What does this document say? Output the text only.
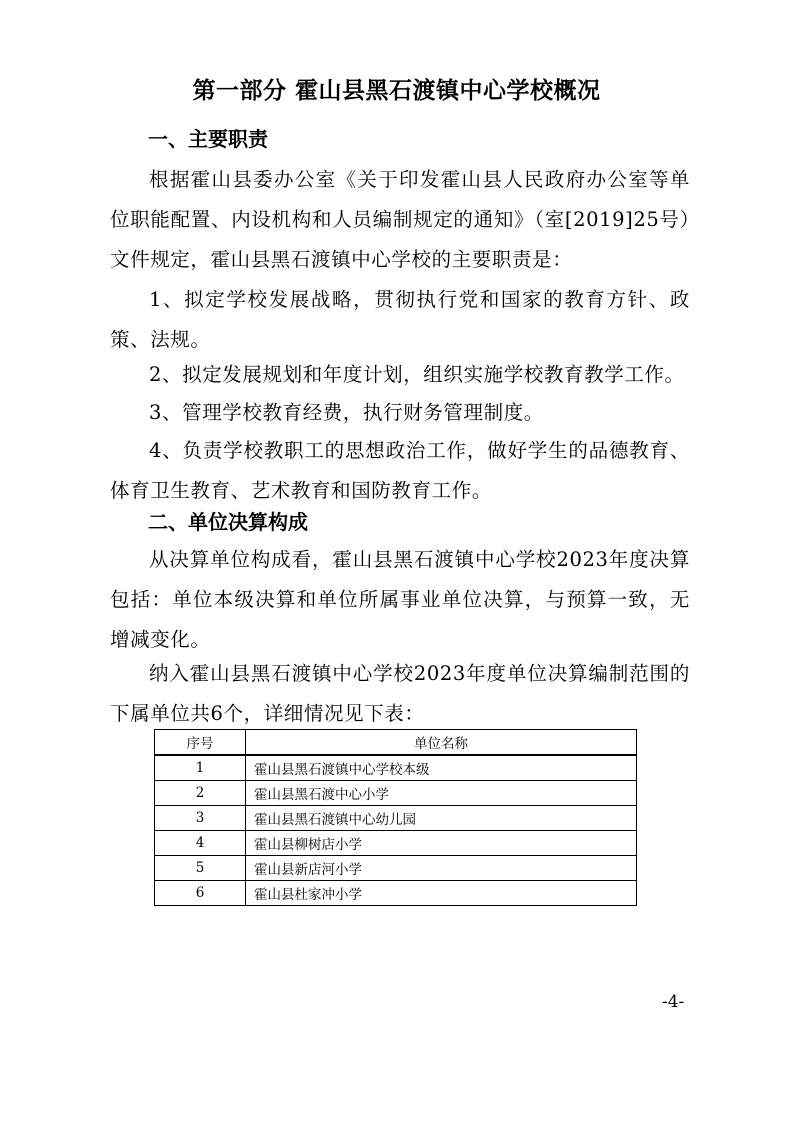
第一部分 霍山县黑石渡镇中心学校概况
一、主要职责
根据霍山县委办公室《关于印发霍山县人民政府办公室等单位职能配置、内设机构和人员编制规定的通知》（室[2019]25号）文件规定，霍山县黑石渡镇中心学校的主要职责是：
1、拟定学校发展战略，贯彻执行党和国家的教育方针、政策、法规。
2、拟定发展规划和年度计划，组织实施学校教育教学工作。
3、管理学校教育经费，执行财务管理制度。
4、负责学校教职工的思想政治工作，做好学生的品德教育、体育卫生教育、艺术教育和国防教育工作。
二、单位决算构成
从决算单位构成看，霍山县黑石渡镇中心学校2023年度决算包括：单位本级决算和单位所属事业单位决算，与预算一致，无增减变化。
纳入霍山县黑石渡镇中心学校2023年度单位决算编制范围的下属单位共6个，详细情况见下表：
序号	单位名称
1	霍山县黑石渡镇中心学校本级
2	霍山县黑石渡中心小学
3	霍山县黑石渡镇中心幼儿园
4	霍山县柳树店小学
5	霍山县新店河小学
6	霍山县杜家冲小学
-4-
